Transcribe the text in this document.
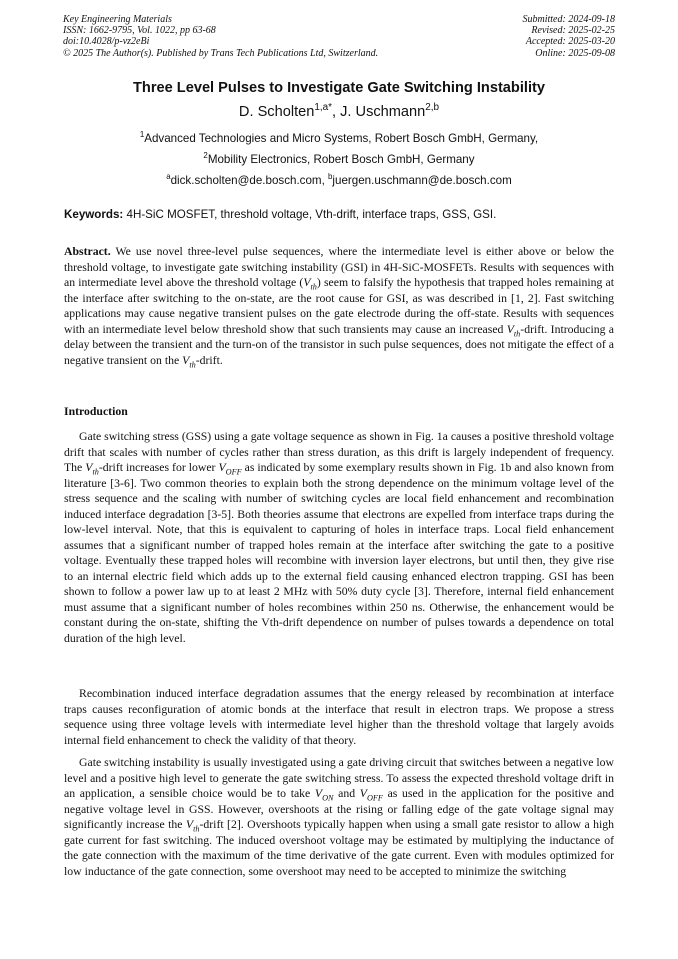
Key Engineering Materials
ISSN: 1662-9795, Vol. 1022, pp 63-68
doi:10.4028/p-vz2eBi
© 2025 The Author(s). Published by Trans Tech Publications Ltd, Switzerland.
Submitted: 2024-09-18
Revised: 2025-02-25
Accepted: 2025-03-20
Online: 2025-09-08
Three Level Pulses to Investigate Gate Switching Instability
D. Scholten$^{1,a*}$, J. Uschmann$^{2,b}$
$^1$Advanced Technologies and Micro Systems, Robert Bosch GmbH, Germany,
$^2$Mobility Electronics, Robert Bosch GmbH, Germany
$^a$dick.scholten@de.bosch.com, $^b$juergen.uschmann@de.bosch.com
Keywords: 4H-SiC MOSFET, threshold voltage, Vth-drift, interface traps, GSS, GSI.

Abstract. We use novel three-level pulse sequences, where the intermediate level is either above or below the threshold voltage, to investigate gate switching instability (GSI) in 4H-SiC-MOSFETs. Results with sequences with an intermediate level above the threshold voltage $(V_{th})$ seem to falsify the hypothesis that trapped holes remaining at the interface after switching to the on-state, are the root cause for GSI, as was described in [1, 2]. Fast switching applications may cause negative transient pulses on the gate electrode during the off-state. Results with sequences with an intermediate level below threshold show that such transients may cause an increased $V_{th}$-drift. Introducing a delay between the transient and the turn-on of the transistor in such pulse sequences, does not mitigate the effect of a negative transient on the $V_{th}$-drift.

Introduction

Gate switching stress (GSS) using a gate voltage sequence as shown in Fig. 1a causes a positive threshold voltage drift that scales with number of cycles rather than stress duration, as this drift is largely independent of frequency. The $V_{th}$-drift increases for lower $V_{OFF}$ as indicated by some exemplary results shown in Fig. 1b and also known from literature [3-6]. Two common theories to explain both the strong dependence on the minimum voltage level of the stress sequence and the scaling with number of switching cycles are local field enhancement and recombination induced interface degradation [3-5]. Both theories assume that electrons are expelled from interface traps during the low-level interval. Note, that this is equivalent to capturing of holes in interface traps. Local field enhancement assumes that a significant number of trapped holes remain at the interface after switching the gate to a positive voltage. Eventually these trapped holes will recombine with inversion layer electrons, but until then, they give rise to an internal electric field which adds up to the external field causing enhanced electron trapping. GSI has been shown to follow a power law up to at least 2 MHz with 50% duty cycle [3]. Therefore, internal field enhancement must assume that a significant number of holes recombines within 250 ns. Otherwise, the enhancement would be constant during the on-state, shifting the Vth-drift dependence on number of pulses towards a dependence on total duration of the high level.

Recombination induced interface degradation assumes that the energy released by recombination at interface traps causes reconfiguration of atomic bonds at the interface that result in electron traps. We propose a stress sequence using three voltage levels with intermediate level higher than the threshold voltage that largely avoids internal field enhancement to check the validity of that theory.

Gate switching instability is usually investigated using a gate driving circuit that switches between a negative low level and a positive high level to generate the gate switching stress. To assess the expected threshold voltage drift in an application, a sensible choice would be to take $V_{ON}$ and $V_{OFF}$ as used in the application for the positive and negative voltage level in GSS. However, overshoots at the rising or falling edge of the gate voltage signal may significantly increase the $V_{th}$-drift [2]. Overshoots typically happen when using a small gate resistor to allow a high gate current for fast switching. The induced overshoot voltage may be estimated by multiplying the inductance of the gate connection with the maximum of the time derivative of the gate current. Even with modules optimized for low inductance of the gate connection, some overshoot may need to be accepted to minimize the switching
